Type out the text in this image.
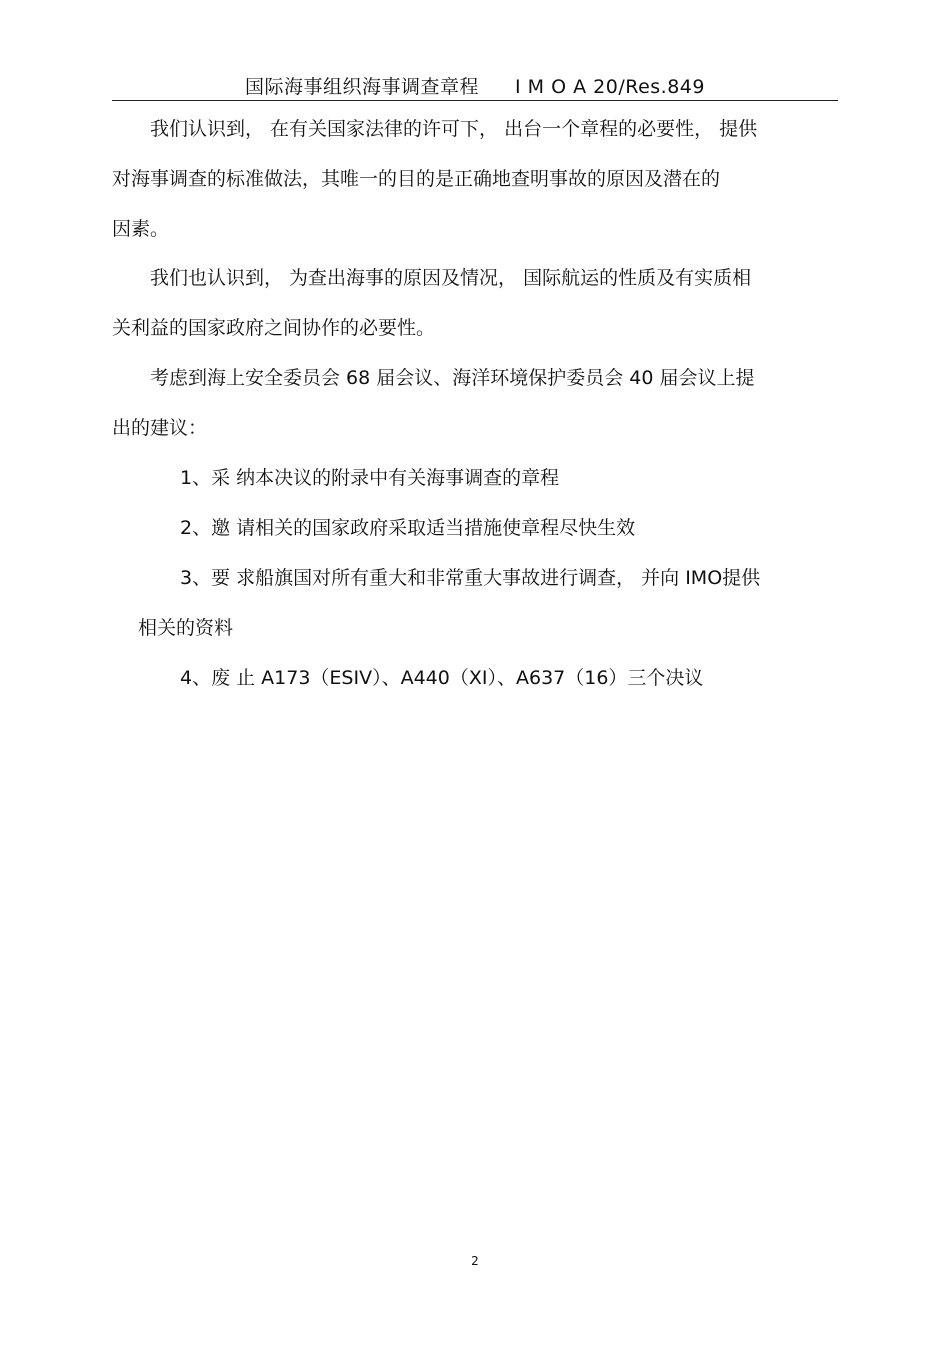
国际海事组织海事调查章程 I M O A 20/Res.849
我们认识到， 在有关国家法律的许可下， 出台一个章程的必要性， 提供
对海事调查的标准做法，其唯一的目的是正确地查明事故的原因及潜在的
因素。
我们也认识到， 为查出海事的原因及情况， 国际航运的性质及有实质相
关利益的国家政府之间协作的必要性。
考虑到海上安全委员会 68 届会议、海洋环境保护委员会 40 届会议上提
出的建议：
1、采 纳本决议的附录中有关海事调查的章程
2、邀 请相关的国家政府采取适当措施使章程尽快生效
3、要 求船旗国对所有重大和非常重大事故进行调查， 并向 IMO提供
相关的资料
4、废 止 A173（ESIV）、A440（XI）、A637（16）三个决议
2
